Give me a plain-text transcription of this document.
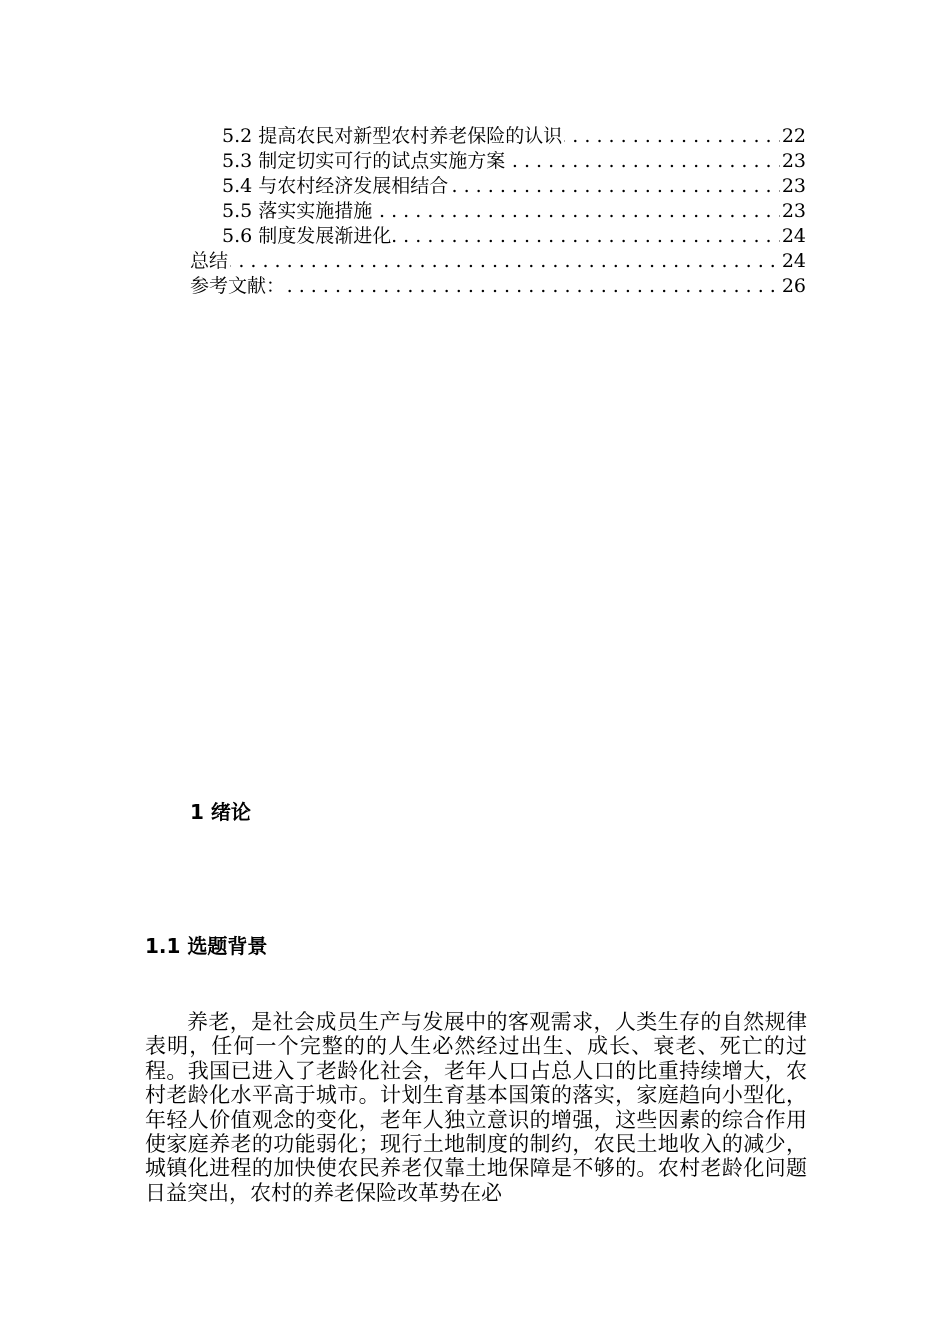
5.2 提高农民对新型农村养老保险的认识 . . .	22
5.3 制定切实可行的试点实施方案 . . .	23
5.4 与农村经济发展相结合 . . .	23
5.5 落实实施措施 . . .	23
5.6 制度发展渐进化 . . .	24
总结 . . .	24
参考文献： . . .	26
1 绪论
1.1 选题背景

养老，是社会成员生产与发展中的客观需求，人类生存的自然规律表明，任何一个完整的的人生必然经过出生、成长、衰老、死亡的过程。我国已进入了老龄化社会，老年人口占总人口的比重持续增大，农村老龄化水平高于城市。计划生育基本国策的落实，家庭趋向小型化，年轻人价值观念的变化，老年人独立意识的增强，这些因素的综合作用使家庭养老的功能弱化；现行土地制度的制约，农民土地收入的减少，城镇化进程的加快使农民养老仅靠土地保障是不够的。农村老龄化问题日益突出，农村的养老保险改革势在必
